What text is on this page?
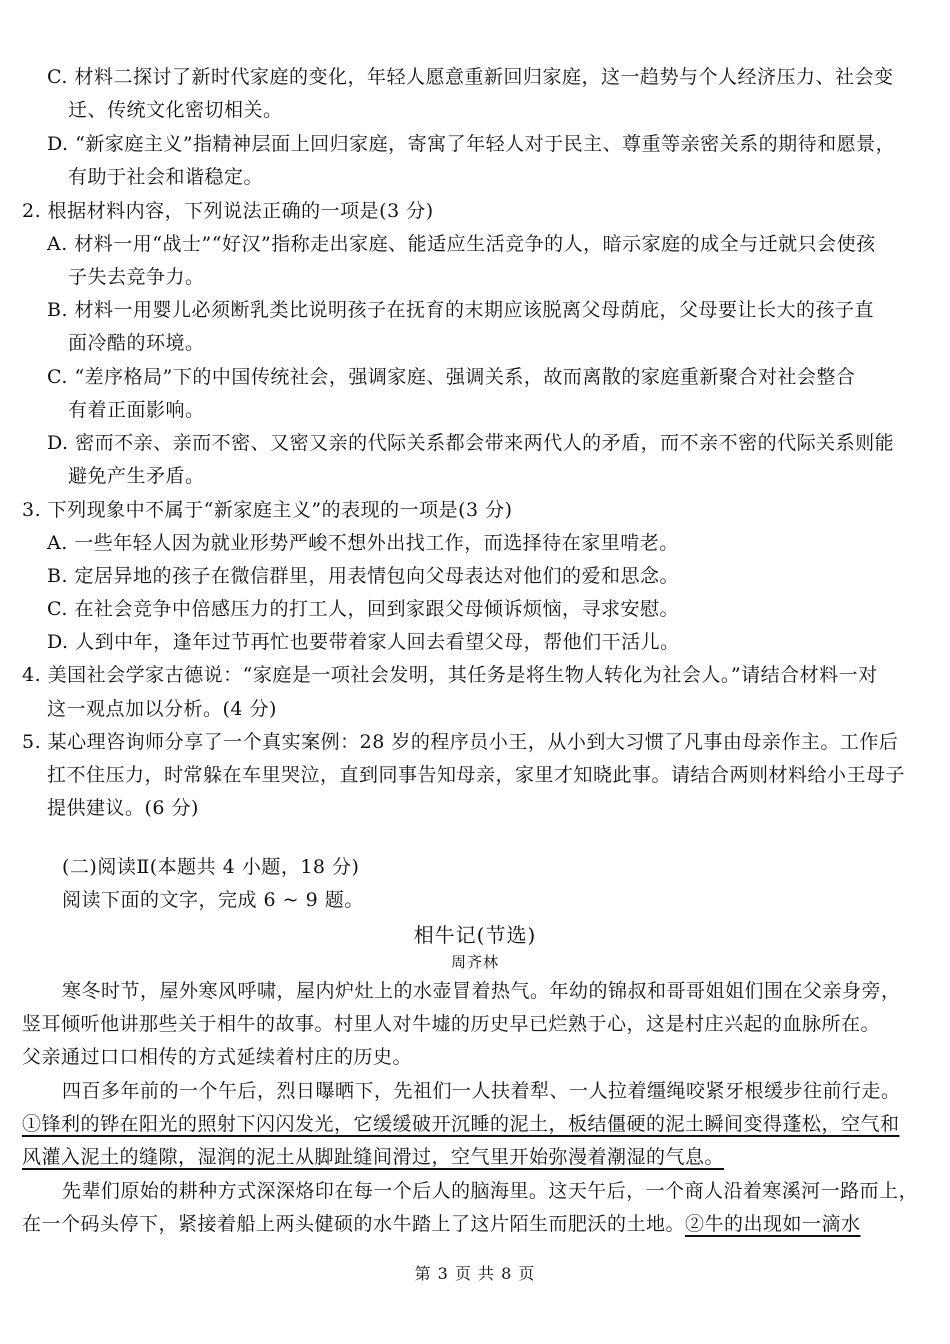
C. 材料二探讨了新时代家庭的变化，年轻人愿意重新回归家庭，这一趋势与个人经济压力、社会变
迁、传统文化密切相关。
D. “新家庭主义”指精神层面上回归家庭，寄寓了年轻人对于民主、尊重等亲密关系的期待和愿景，
有助于社会和谐稳定。
2. 根据材料内容，下列说法正确的一项是(3 分)
A. 材料一用“战士”“好汉”指称走出家庭、能适应生活竞争的人，暗示家庭的成全与迁就只会使孩
子失去竞争力。
B. 材料一用婴儿必须断乳类比说明孩子在抚育的末期应该脱离父母荫庇，父母要让长大的孩子直
面冷酷的环境。
C. “差序格局”下的中国传统社会，强调家庭、强调关系，故而离散的家庭重新聚合对社会整合
有着正面影响。
D. 密而不亲、亲而不密、又密又亲的代际关系都会带来两代人的矛盾，而不亲不密的代际关系则能
避免产生矛盾。
3. 下列现象中不属于“新家庭主义”的表现的一项是(3 分)
A. 一些年轻人因为就业形势严峻不想外出找工作，而选择待在家里啃老。
B. 定居异地的孩子在微信群里，用表情包向父母表达对他们的爱和思念。
C. 在社会竞争中倍感压力的打工人，回到家跟父母倾诉烦恼，寻求安慰。
D. 人到中年，逢年过节再忙也要带着家人回去看望父母，帮他们干活儿。
4. 美国社会学家古德说：“家庭是一项社会发明，其任务是将生物人转化为社会人。”请结合材料一对
这一观点加以分析。(4 分)
5. 某心理咨询师分享了一个真实案例：28 岁的程序员小王，从小到大习惯了凡事由母亲作主。工作后
扛不住压力，时常躲在车里哭泣，直到同事告知母亲，家里才知晓此事。请结合两则材料给小王母子
提供建议。(6 分)
(二)阅读Ⅱ(本题共 4 小题，18 分)
阅读下面的文字，完成 6 ~ 9 题。
相牛记(节选)
周齐林
寒冬时节，屋外寒风呼啸，屋内炉灶上的水壶冒着热气。年幼的锦叔和哥哥姐姐们围在父亲身旁，
竖耳倾听他讲那些关于相牛的故事。村里人对牛墟的历史早已烂熟于心，这是村庄兴起的血脉所在。
父亲通过口口相传的方式延续着村庄的历史。
四百多年前的一个午后，烈日曝晒下，先祖们一人扶着犁、一人拉着缰绳咬紧牙根缓步往前行走。
①锋利的铧在阳光的照射下闪闪发光，它缓缓破开沉睡的泥土，板结僵硬的泥土瞬间变得蓬松，空气和
风灌入泥土的缝隙，湿润的泥土从脚趾缝间滑过，空气里开始弥漫着潮湿的气息。
先辈们原始的耕种方式深深烙印在每一个后人的脑海里。这天午后，一个商人沿着寒溪河一路而上，
在一个码头停下，紧接着船上两头健硕的水牛踏上了这片陌生而肥沃的土地。②牛的出现如一滴水
第 3 页 共 8 页
